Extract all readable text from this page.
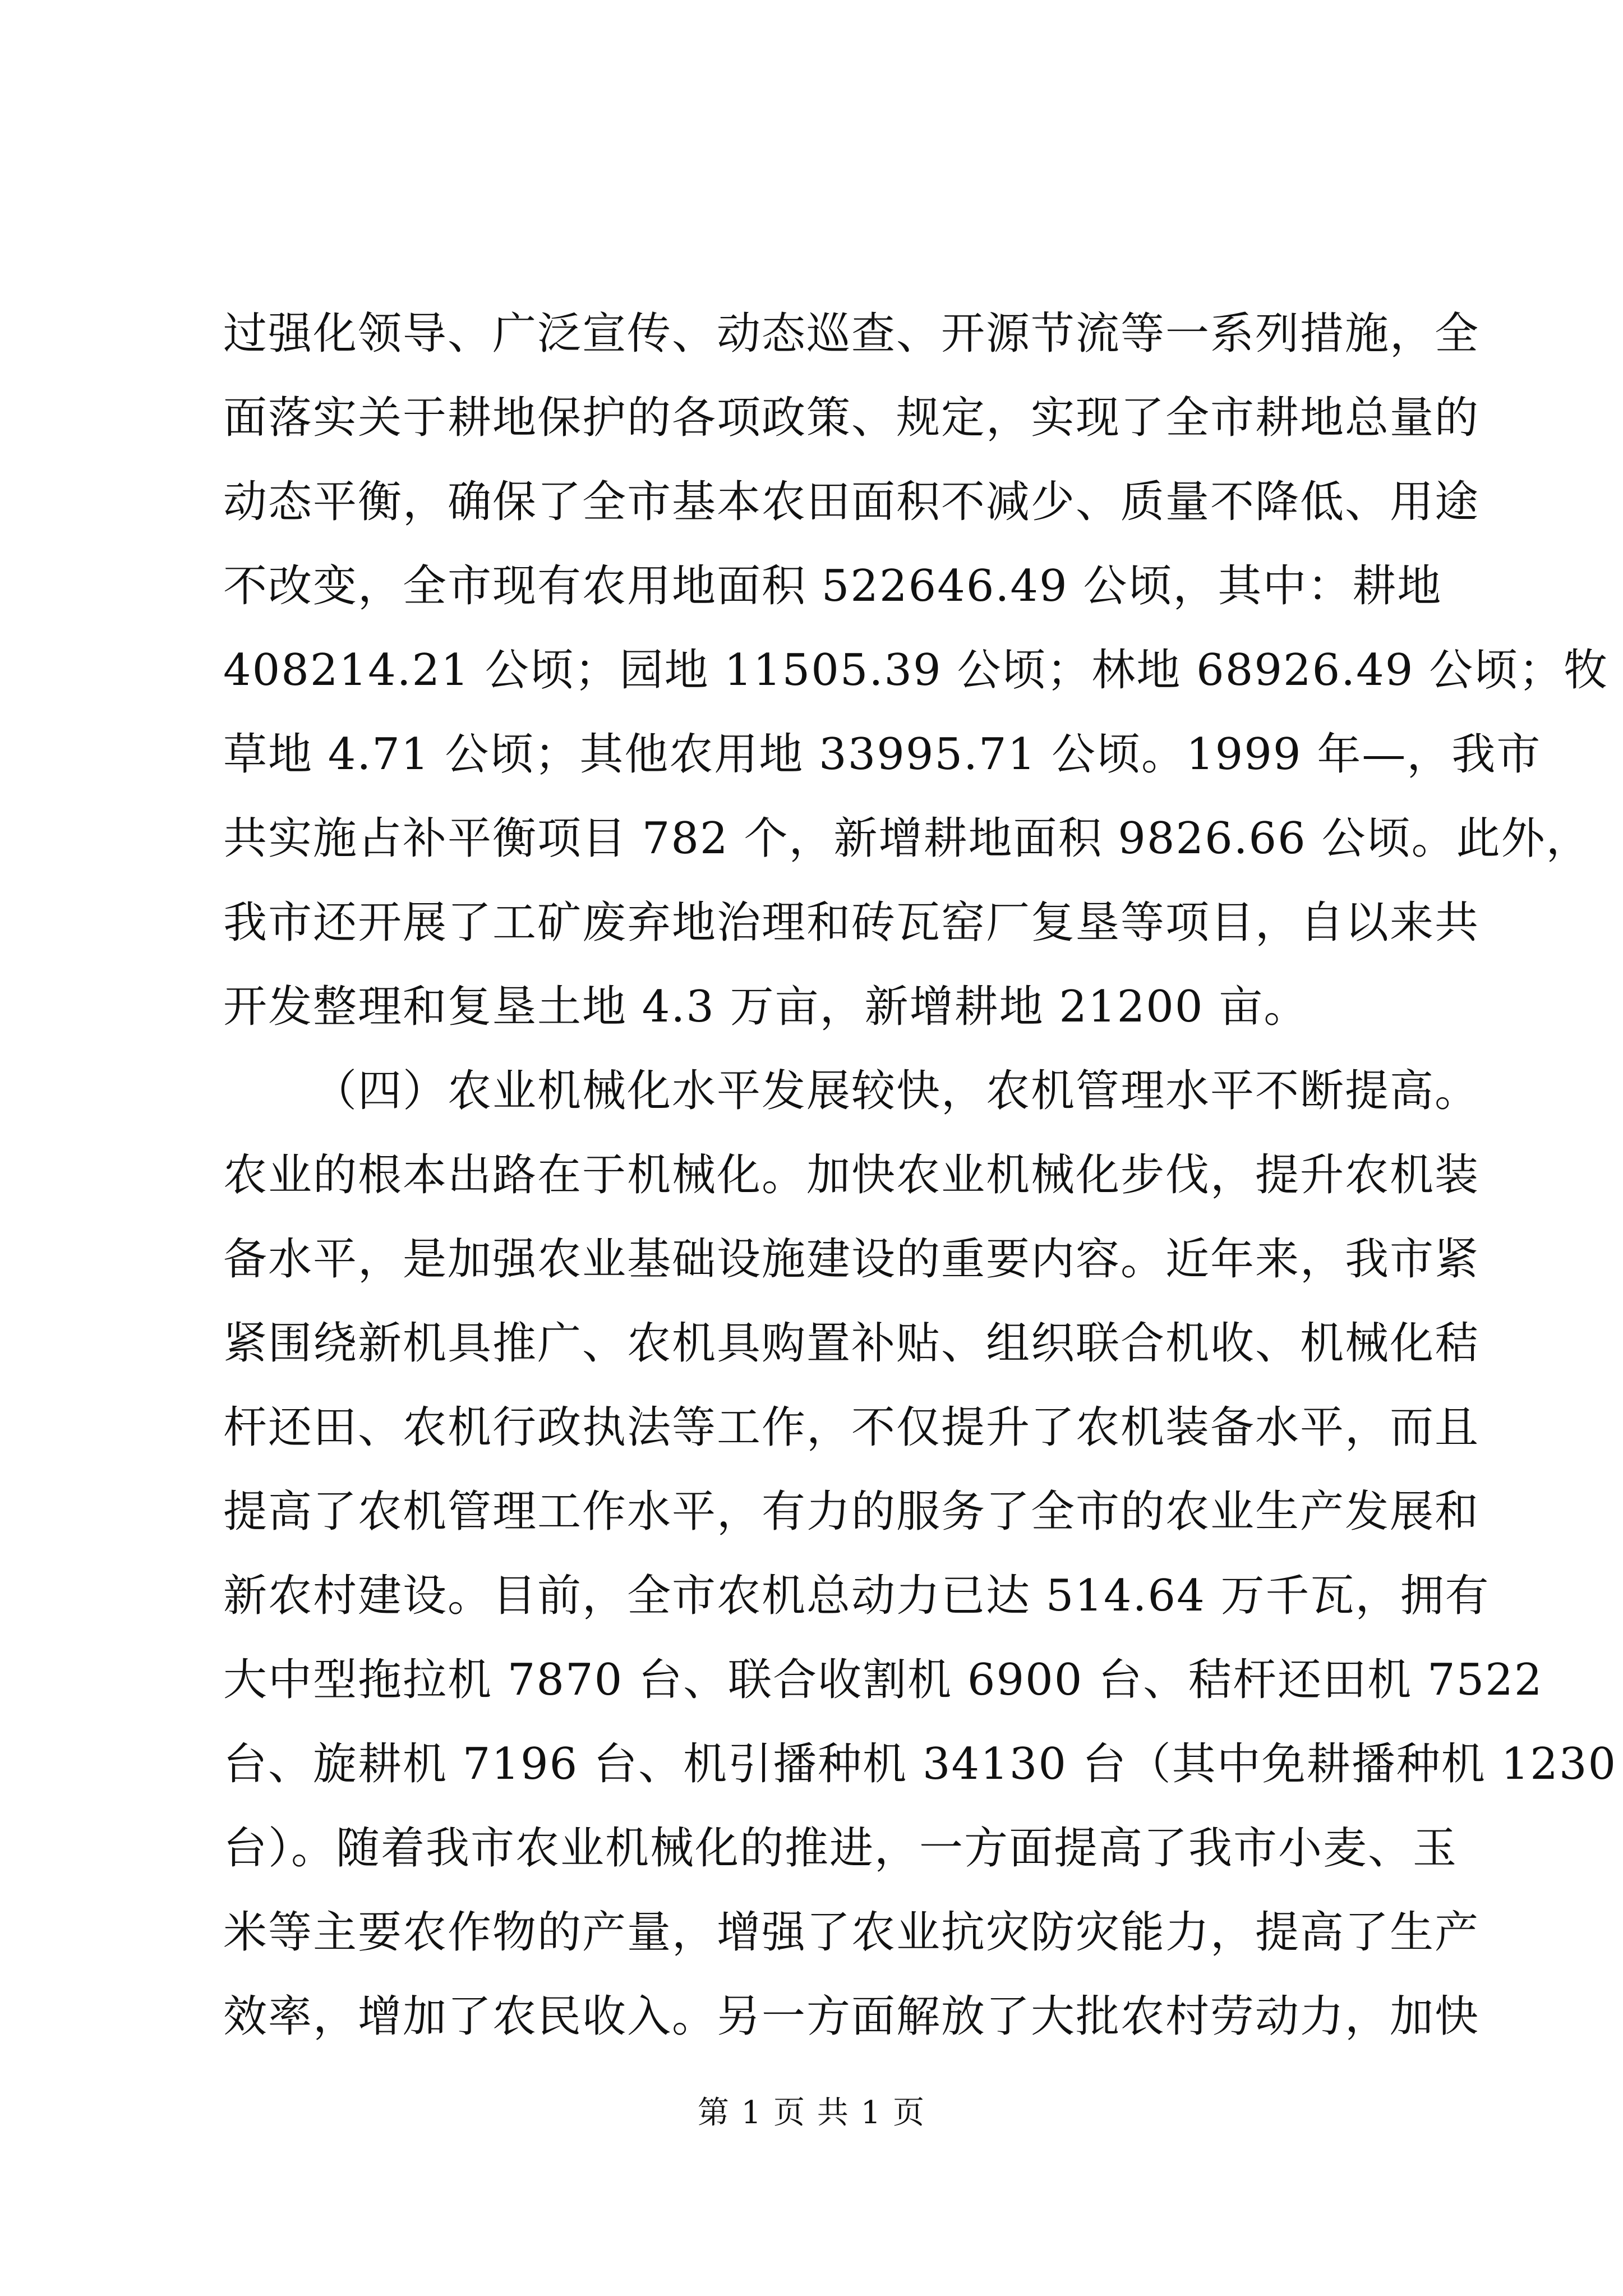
过强化领导、广泛宣传、动态巡查、开源节流等一系列措施，全
面落实关于耕地保护的各项政策、规定，实现了全市耕地总量的
动态平衡，确保了全市基本农田面积不减少、质量不降低、用途
不改变，全市现有农用地面积 522646.49 公顷，其中：耕地
408214.21 公顷；园地 11505.39 公顷；林地 68926.49 公顷；牧
草地 4.71 公顷；其他农用地 33995.71 公顷。1999 年—，我市
共实施占补平衡项目 782 个，新增耕地面积 9826.66 公顷。此外，
我市还开展了工矿废弃地治理和砖瓦窑厂复垦等项目，自以来共
开发整理和复垦土地 4.3 万亩，新增耕地 21200 亩。
（四）农业机械化水平发展较快，农机管理水平不断提高。
农业的根本出路在于机械化。加快农业机械化步伐，提升农机装
备水平，是加强农业基础设施建设的重要内容。近年来，我市紧
紧围绕新机具推广、农机具购置补贴、组织联合机收、机械化秸
杆还田、农机行政执法等工作，不仅提升了农机装备水平，而且
提高了农机管理工作水平，有力的服务了全市的农业生产发展和
新农村建设。目前，全市农机总动力已达 514.64 万千瓦，拥有
大中型拖拉机 7870 台、联合收割机 6900 台、秸杆还田机 7522
台、旋耕机 7196 台、机引播种机 34130 台（其中免耕播种机 1230
台）。随着我市农业机械化的推进，一方面提高了我市小麦、玉
米等主要农作物的产量，增强了农业抗灾防灾能力，提高了生产
效率，增加了农民收入。另一方面解放了大批农村劳动力，加快
第 1 页 共 1 页
